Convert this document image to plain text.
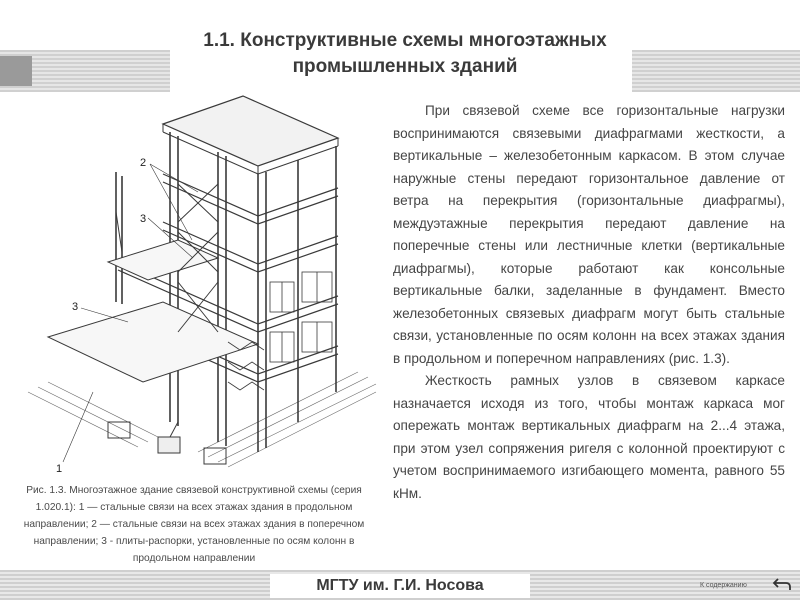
1.1. Конструктивные схемы многоэтажных
промышленных зданий
2
3
3
1

При связевой схеме все горизонтальные нагрузки воспринимаются связевыми диафрагмами жесткости, а вертикальные – железобетонным каркасом. В этом случае наружные стены передают горизонтальное давление от ветра на перекрытия (горизонтальные диафрагмы), междуэтажные перекрытия передают давление на поперечные стены или лестничные клетки (вертикальные диафрагмы), которые работают как консольные вертикальные балки, заделанные в фундамент. Вместо железобетонных связевых диафрагм могут быть стальные связи, установленные по осям колонн на всех этажах здания в продольном и поперечном направлениях (рис. 1.3).

Жесткость рамных узлов в связевом каркасе назначается исходя из того, чтобы монтаж каркаса мог опережать монтаж вертикальных диафрагм на 2...4 этажа, при этом узел сопряжения ригеля с колонной проектируют с учетом воспринимаемого изгибающего момента, равного 55 кНм.

Рис. 1.3. Многоэтажное здание связевой конструктивной схемы (серия 1.020.1): 1 — стальные связи на всех этажах здания в продольном направлении; 2 — стальные связи на всех этажах здания в поперечном направлении; 3 - плиты-распорки, установленные по осям колонн в продольном направлении
МГТУ им. Г.И. Носова	К содержанию
